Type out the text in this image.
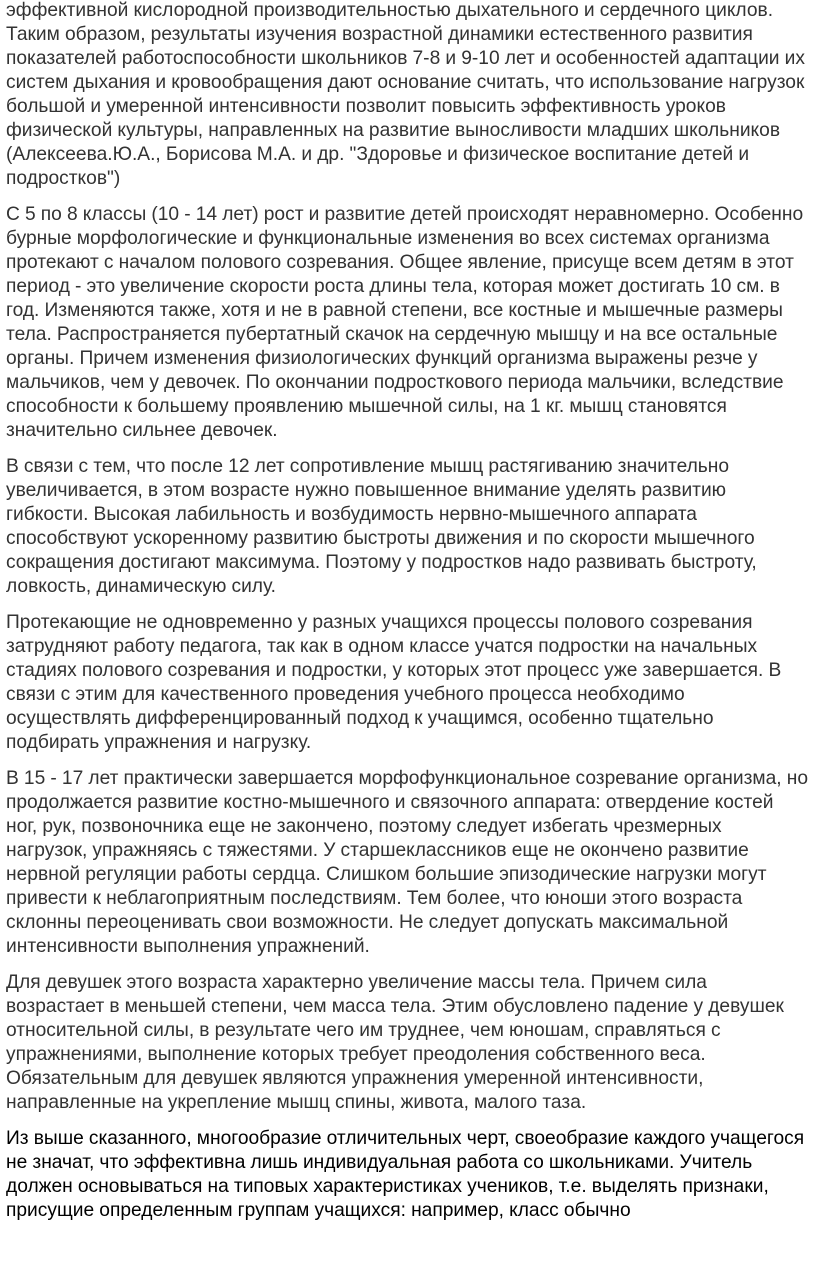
эффективной кислородной производительностью дыхательного и сердечного циклов. Таким образом, результаты изучения возрастной динамики естественного развития показателей работоспособности школьников 7-8 и 9-10 лет и особенностей адаптации их систем дыхания и кровообращения дают основание считать, что использование нагрузок большой и умеренной интенсивности позволит повысить эффективность уроков физической культуры, направленных на развитие выносливости младших школьников (Алексеева.Ю.А., Борисова М.А. и др. "Здоровье и физическое воспитание детей и подростков")

С 5 по 8 классы (10 - 14 лет) рост и развитие детей происходят неравномерно. Особенно бурные морфологические и функциональные изменения во всех системах организма протекают с началом полового созревания. Общее явление, присуще всем детям в этот период - это увеличение скорости роста длины тела, которая может достигать 10 см. в год. Изменяются также, хотя и не в равной степени, все костные и мышечные размеры тела. Распространяется пубертатный скачок на сердечную мышцу и на все остальные органы. Причем изменения физиологических функций организма выражены резче у мальчиков, чем у девочек. По окончании подросткового периода мальчики, вследствие способности к большему проявлению мышечной силы, на 1 кг. мышц становятся значительно сильнее девочек.

В связи с тем, что после 12 лет сопротивление мышц растягиванию значительно увеличивается, в этом возрасте нужно повышенное внимание уделять развитию гибкости. Высокая лабильность и возбудимость нервно-мышечного аппарата способствуют ускоренному развитию быстроты движения и по скорости мышечного сокращения достигают максимума. Поэтому у подростков надо развивать быстроту, ловкость, динамическую силу.

Протекающие не одновременно у разных учащихся процессы полового созревания затрудняют работу педагога, так как в одном классе учатся подростки на начальных стадиях полового созревания и подростки, у которых этот процесс уже завершается. В связи с этим для качественного проведения учебного процесса необходимо осуществлять дифференцированный подход к учащимся, особенно тщательно подбирать упражнения и нагрузку.

В 15 - 17 лет практически завершается морфофункциональное созревание организма, но продолжается развитие костно-мышечного и связочного аппарата: отвердение костей ног, рук, позвоночника еще не закончено, поэтому следует избегать чрезмерных нагрузок, упражняясь с тяжестями. У старшеклассников еще не окончено развитие нервной регуляции работы сердца. Слишком большие эпизодические нагрузки могут привести к неблагоприятным последствиям. Тем более, что юноши этого возраста склонны переоценивать свои возможности. Не следует допускать максимальной интенсивности выполнения упражнений.

Для девушек этого возраста характерно увеличение массы тела. Причем сила возрастает в меньшей степени, чем масса тела. Этим обусловлено падение у девушек относительной силы, в результате чего им труднее, чем юношам, справляться с упражнениями, выполнение которых требует преодоления собственного веса. Обязательным для девушек являются упражнения умеренной интенсивности, направленные на укрепление мышц спины, живота, малого таза.

Из выше сказанного, многообразие отличительных черт, своеобразие каждого учащегося не значат, что эффективна лишь индивидуальная работа со школьниками. Учитель должен основываться на типовых характеристиках учеников, т.е. выделять признаки, присущие определенным группам учащихся: например, класс обычно
